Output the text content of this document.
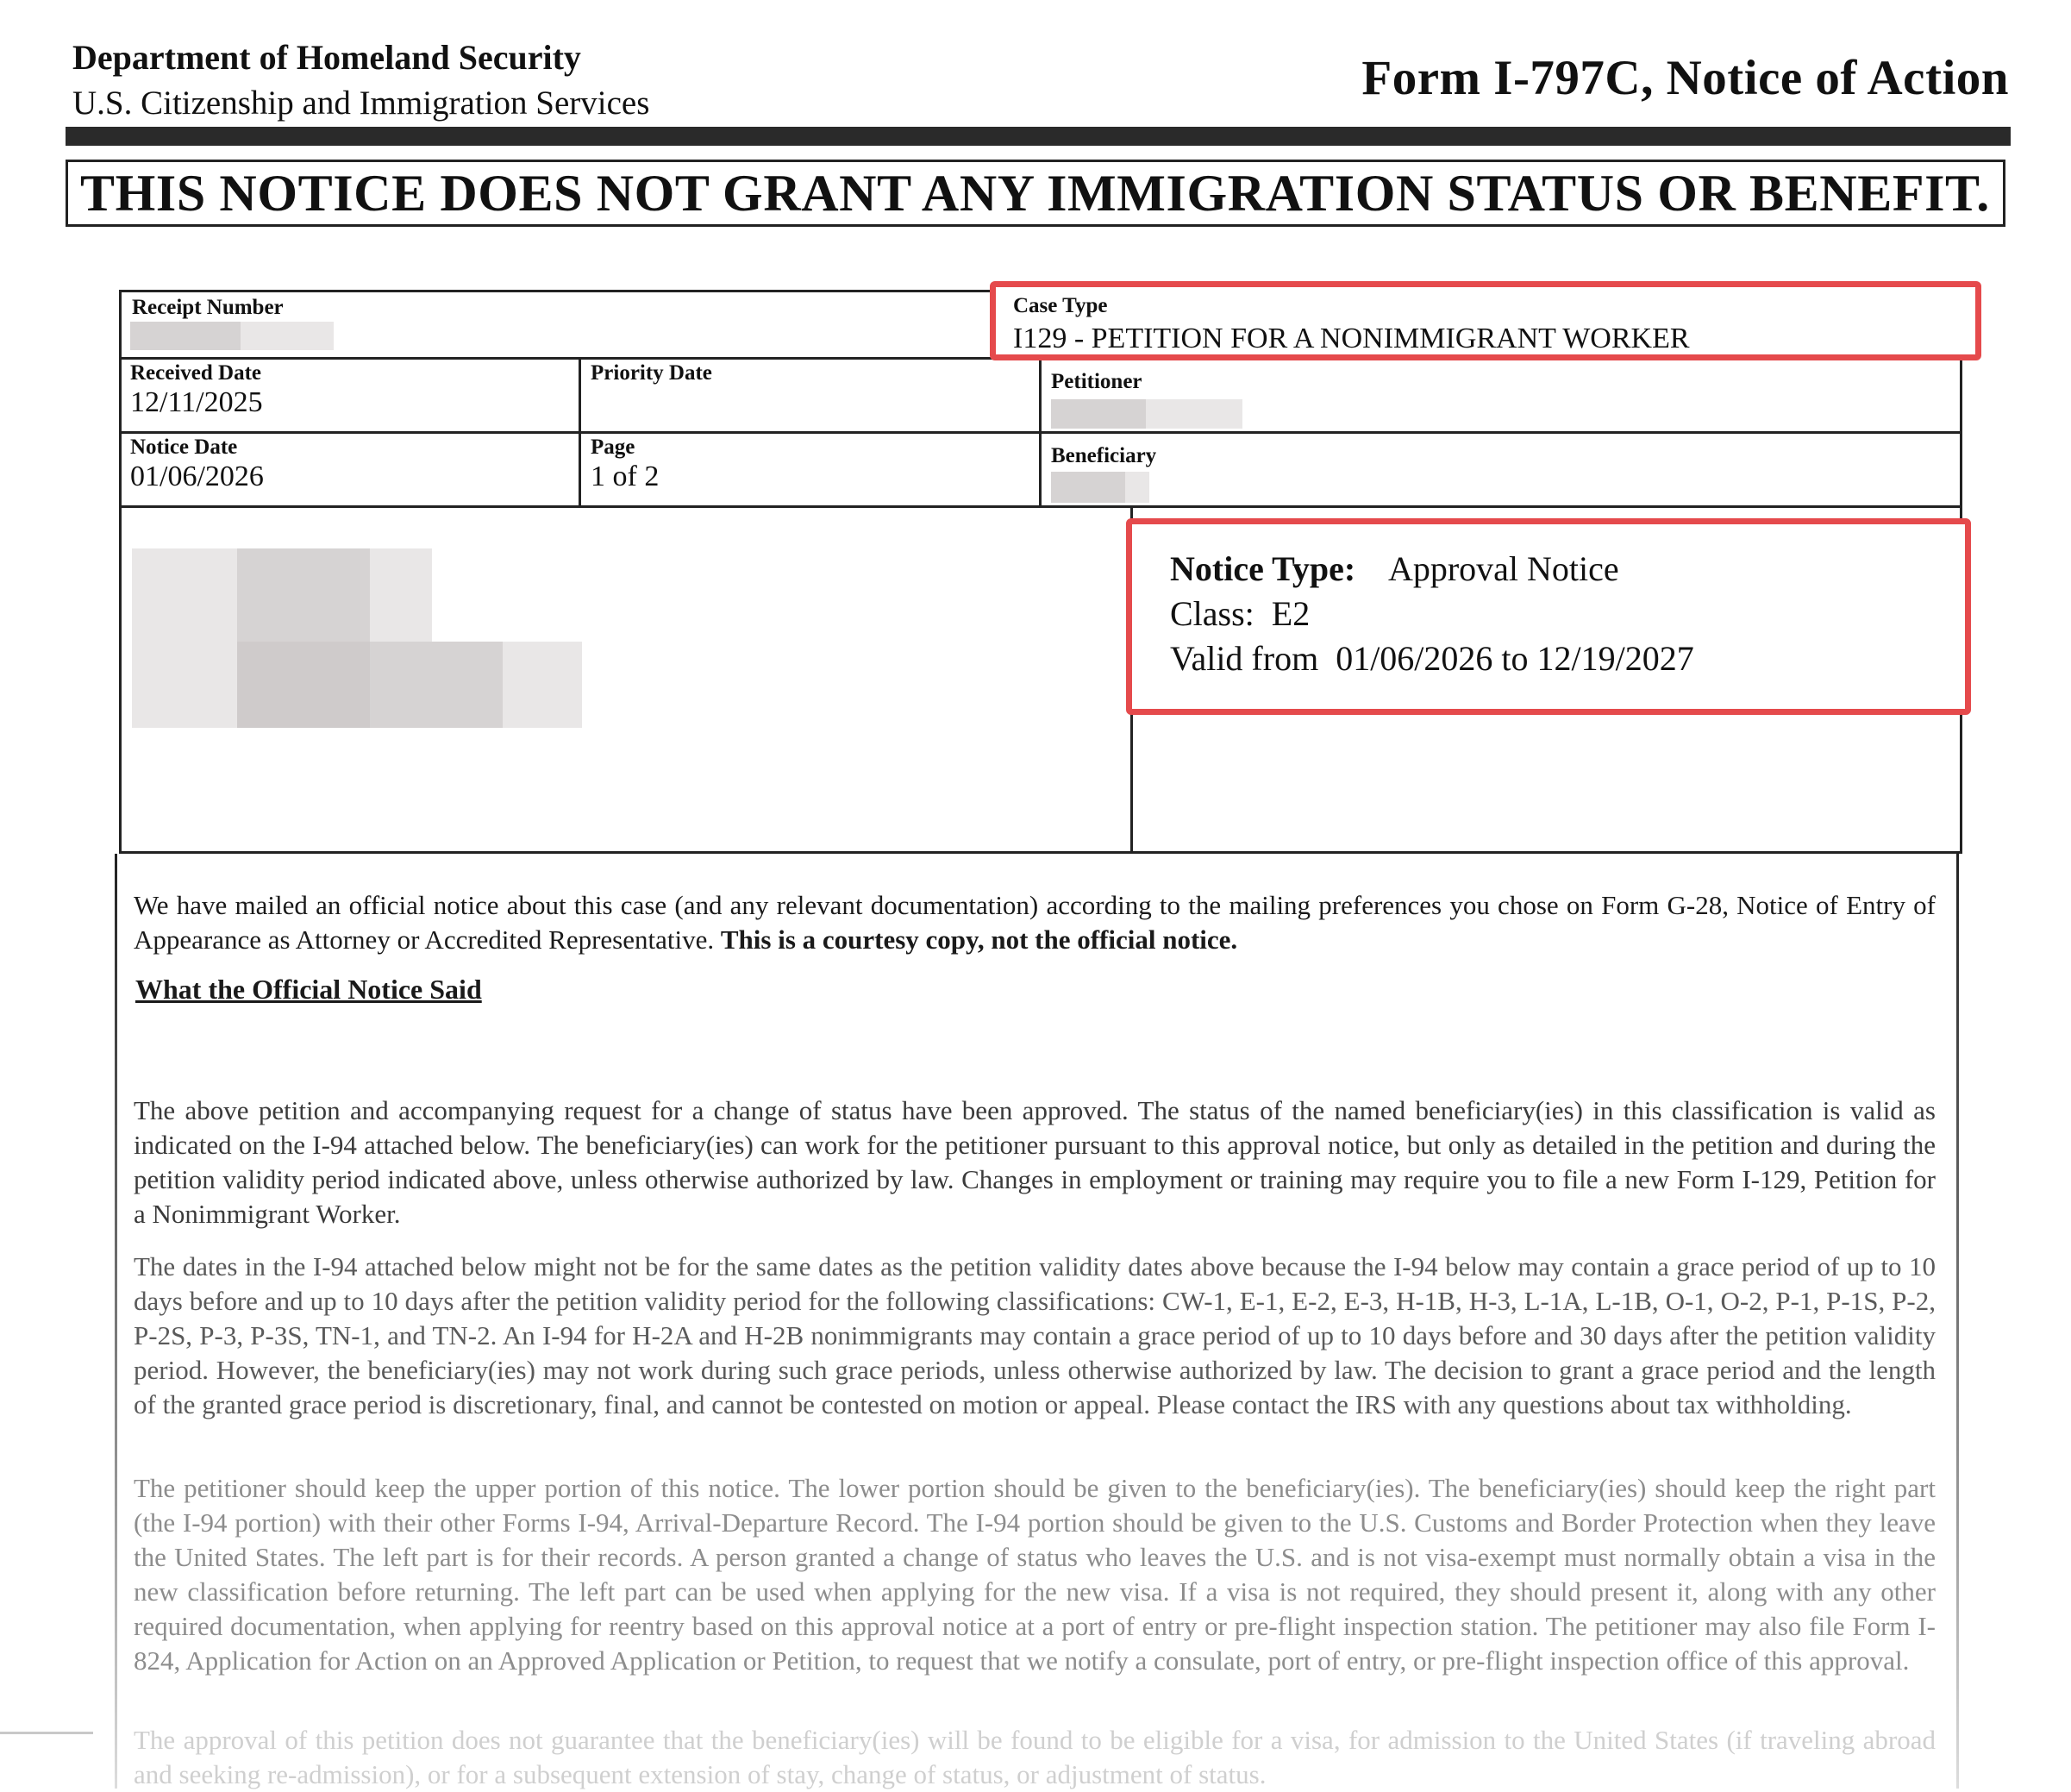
Department of Homeland Security
U.S. Citizenship and Immigration Services	Form I-797C, Notice of Action
THIS NOTICE DOES NOT GRANT ANY IMMIGRATION STATUS OR BENEFIT.
Receipt Number
Received Date
12/11/2025
Priority Date	Petitioner
Notice Date
01/06/2026
Page
1 of 2
Beneficiary
Case Type
I129 - PETITION FOR A NONIMMIGRANT WORKER
Notice Type: Approval Notice
Class: E2
Valid from 01/06/2026 to 12/19/2027
We have mailed an official notice about this case (and any relevant documentation) according to the mailing preferences you chose on Form G-28, Notice of Entry of Appearance as Attorney or Accredited Representative. This is a courtesy copy, not the official notice.
What the Official Notice Said
The above petition and accompanying request for a change of status have been approved. The status of the named beneficiary(ies) in this classification is valid as indicated on the I-94 attached below. The beneficiary(ies) can work for the petitioner pursuant to this approval notice, but only as detailed in the petition and during the petition validity period indicated above, unless otherwise authorized by law. Changes in employment or training may require you to file a new Form I-129, Petition for a Nonimmigrant Worker.
The dates in the I-94 attached below might not be for the same dates as the petition validity dates above because the I-94 below may contain a grace period of up to 10 days before and up to 10 days after the petition validity period for the following classifications: CW-1, E-1, E-2, E-3, H-1B, H-3, L-1A, L-1B, O-1, O-2, P-1, P-1S, P-2, P-2S, P-3, P-3S, TN-1, and TN-2. An I-94 for H-2A and H-2B nonimmigrants may contain a grace period of up to 10 days before and 30 days after the petition validity period. However, the beneficiary(ies) may not work during such grace periods, unless otherwise authorized by law. The decision to grant a grace period and the length of the granted grace period is discretionary, final, and cannot be contested on motion or appeal. Please contact the IRS with any questions about tax withholding.
The petitioner should keep the upper portion of this notice. The lower portion should be given to the beneficiary(ies). The beneficiary(ies) should keep the right part (the I-94 portion) with their other Forms I-94, Arrival-Departure Record. The I-94 portion should be given to the U.S. Customs and Border Protection when they leave the United States. The left part is for their records. A person granted a change of status who leaves the U.S. and is not visa-exempt must normally obtain a visa in the new classification before returning. The left part can be used when applying for the new visa. If a visa is not required, they should present it, along with any other required documentation, when applying for reentry based on this approval notice at a port of entry or pre-flight inspection station. The petitioner may also file Form I-824, Application for Action on an Approved Application or Petition, to request that we notify a consulate, port of entry, or pre-flight inspection office of this approval.
The approval of this petition does not guarantee that the beneficiary(ies) will be found to be eligible for a visa, for admission to the United States (if traveling abroad and seeking re-admission), or for a subsequent extension of stay, change of status, or adjustment of status.
